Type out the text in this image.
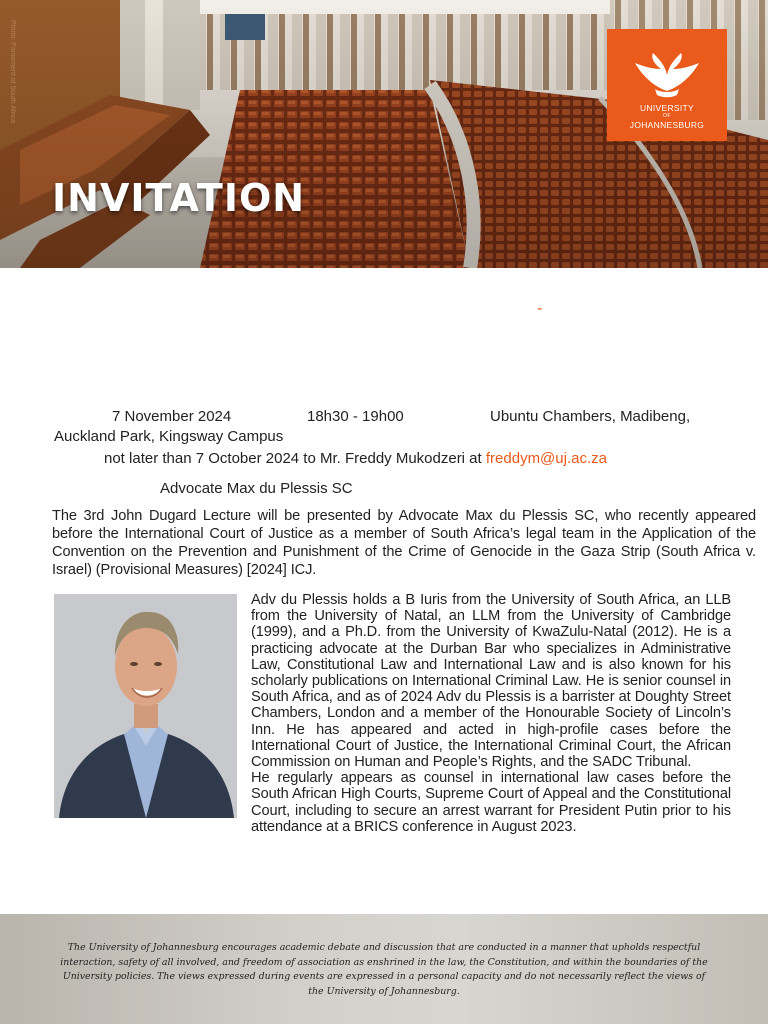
Photo: Parliament of South Africa
INVITATION
UNIVERSITY
OF
JOHANNESBURG
-
7 November 2024	18h30 - 19h00	Ubuntu Chambers, Madibeng,
Auckland Park, Kingsway Campus
not later than 7 October 2024 to Mr. Freddy Mukodzeri at freddym@uj.ac.za
Advocate Max du Plessis SC
The 3rd John Dugard Lecture will be presented by Advocate Max du Plessis SC, who recently appeared before the International Court of Justice as a member of South Africa’s legal team in the Application of the Convention on the Prevention and Punishment of the Crime of Genocide in the Gaza Strip (South Africa v. Israel) (Provisional Measures) [2024] ICJ.

Adv du Plessis holds a B Iuris from the University of South Africa, an LLB from the University of Natal, an LLM from the University of Cambridge (1999), and a Ph.D. from the University of KwaZulu-Natal (2012). He is a practicing advocate at the Durban Bar who specializes in Administrative Law, Constitutional Law and International Law and is also known for his scholarly publications on International Criminal Law. He is senior counsel in South Africa, and as of 2024 Adv du Plessis is a barrister at Doughty Street Chambers, London and a member of the Honourable Society of Lincoln’s Inn. He has appeared and acted in high-profile cases before the International Court of Justice, the International Criminal Court, the African Commission on Human and People’s Rights, and the SADC Tribunal.

He regularly appears as counsel in international law cases before the South African High Courts, Supreme Court of Appeal and the Constitutional Court, including to secure an arrest warrant for President Putin prior to his attendance at a BRICS conference in August 2023.

The University of Johannesburg encourages academic debate and discussion that are conducted in a manner that upholds respectful interaction, safety of all involved, and freedom of association as enshrined in the law, the Constitution, and within the boundaries of the University policies. The views expressed during events are expressed in a personal capacity and do not necessarily reflect the views of the University of Johannesburg.
